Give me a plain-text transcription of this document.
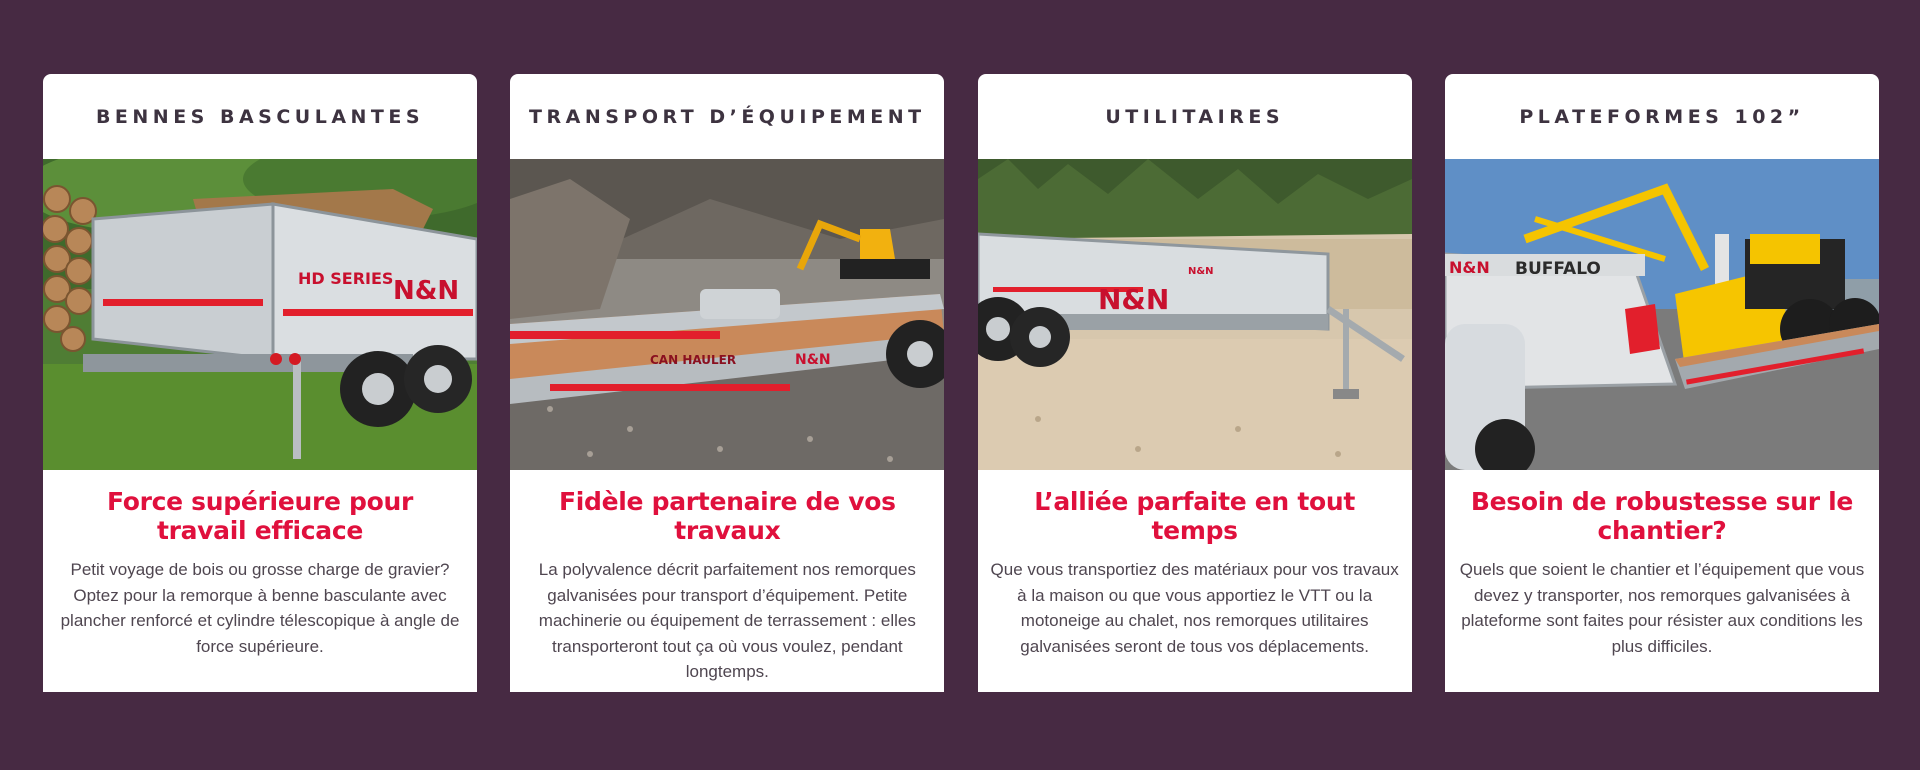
BENNES BASCULANTES
HD SERIES N&N
Force supérieure pour travail efficace
Petit voyage de bois ou grosse charge de gravier? Optez pour la remorque à benne basculante avec plancher renforcé et cylindre télescopique à angle de force supérieure.
TRANSPORT D’ÉQUIPEMENT
CAN HAULER	N&N
Fidèle partenaire de vos travaux
La polyvalence décrit parfaitement nos remorques galvanisées pour transport d’équipement. Petite machinerie ou équipement de terrassement : elles transporteront tout ça où vous voulez, pendant longtemps.
UTILITAIRES
N&N
N&N
L’alliée parfaite en tout temps
Que vous transportiez des matériaux pour vos travaux à la maison ou que vous apportiez le VTT ou la motoneige au chalet, nos remorques utilitaires galvanisées seront de tous vos déplacements.
PLATEFORMES 102”
N&N BUFFALO
Besoin de robustesse sur le chantier?
Quels que soient le chantier et l’équipement que vous devez y transporter, nos remorques galvanisées à plateforme sont faites pour résister aux conditions les plus difficiles.
